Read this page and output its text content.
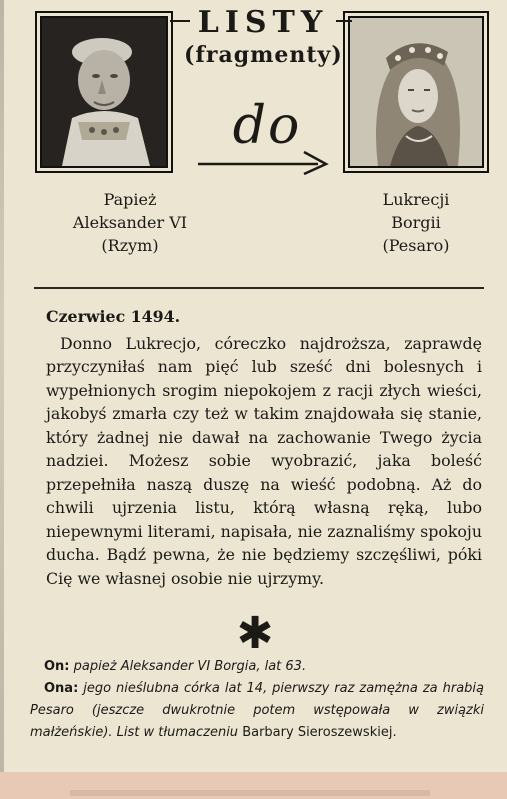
LISTY
(fragmenty)
do
Papież
Aleksander VI
(Rzym)
Lukrecji
Borgii
(Pesaro)
Czerwiec 1494.
Donno Lukrecjo, córeczko najdroższa, zaprawdę przyczyniłaś nam pięć lub sześć dni bolesnych i wypełnionych srogim niepokojem z racji złych wieści, jakobyś zmarła czy też w takim znajdowała się stanie, który żadnej nie dawał na zachowanie Twego życia nadziei. Możesz sobie wyobrazić, jaka boleść przepełniła naszą duszę na wieść podobną. Aż do chwili ujrzenia listu, którą własną ręką, lubo niepewnymi literami, napisała, nie zaznaliśmy spokoju ducha. Bądź pewna, że nie będziemy szczęśliwi, póki Cię we własnej osobie nie ujrzymy.
✱
On: papież Aleksander VI Borgia, lat 63.
Ona: jego nieślubna córka lat 14, pierwszy raz zamężna za hrabią Pesaro (jeszcze dwukrotnie potem wstępowała w związki małżeńskie). List w tłumaczeniu Barbary Sieroszewskiej.
